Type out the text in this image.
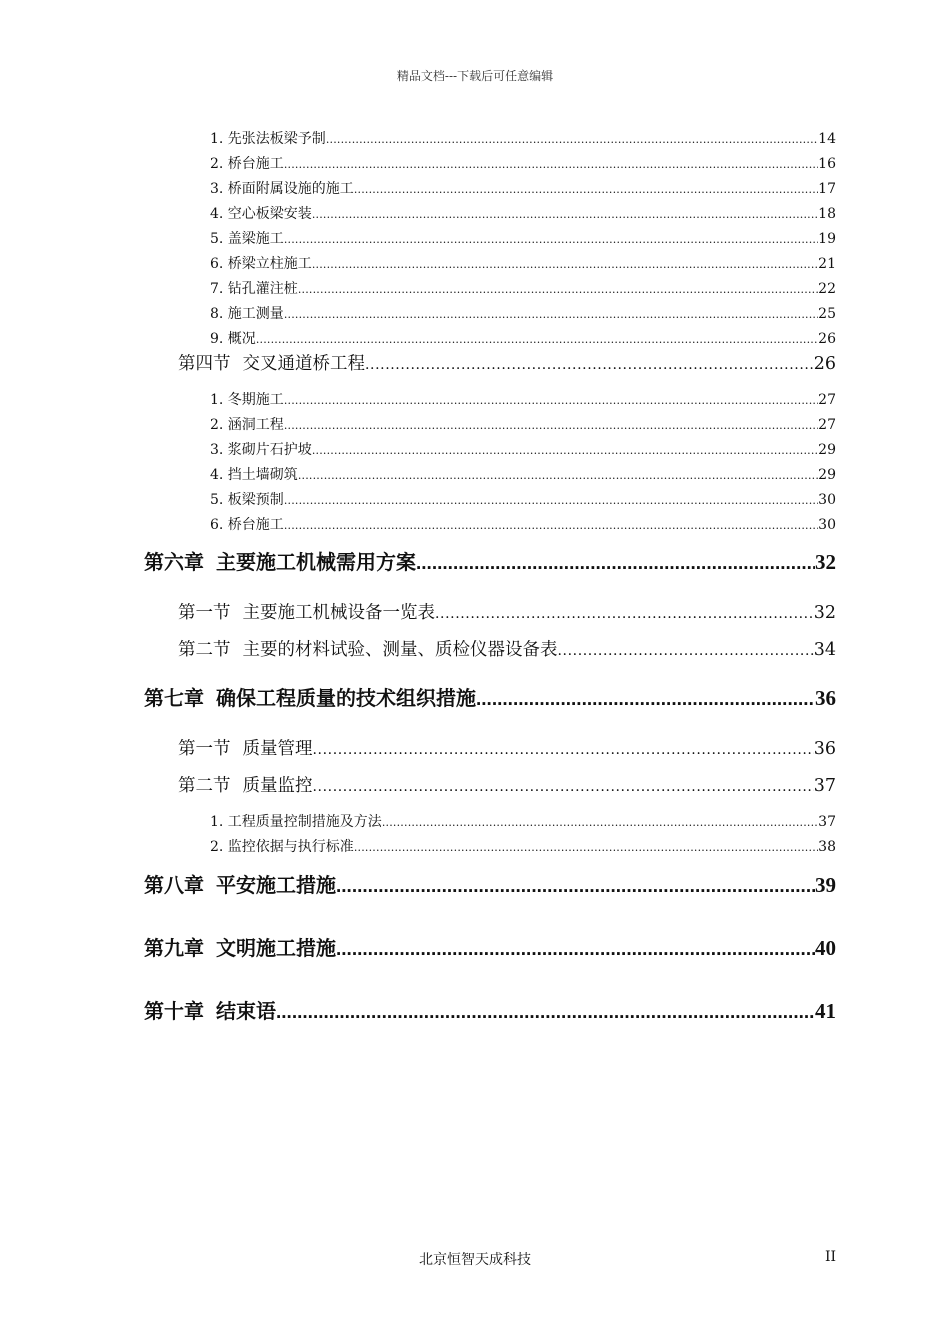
精品文档---下载后可任意编辑
1. 先张法板梁予制 .....	14
2. 桥台施工 .....	16
3. 桥面附属设施的施工 .....	17
4. 空心板梁安装 .....	18
5. 盖梁施工 .....	19
6. 桥梁立柱施工 .....	21
7. 钻孔灌注桩 .....	22
8. 施工测量 .....	25
9. 概况 .....	26
第四节 交叉通道桥工程 .....	26
1. 冬期施工 .....	27
2. 涵洞工程 .....	27
3. 浆砌片石护坡 .....	29
4. 挡土墙砌筑 .....	29
5. 板梁预制 .....	30
6. 桥台施工 .....	30
第六章 主要施工机械需用方案 .....	32
第一节 主要施工机械设备一览表 .....	32
第二节 主要的材料试验、测量、质检仪器设备表 .....	34
第七章 确保工程质量的技术组织措施 .....	36
第一节 质量管理 .....	36
第二节 质量监控 .....	37
1. 工程质量控制措施及方法 .....	37
2. 监控依据与执行标准 .....	38
第八章 平安施工措施 .....	39
第九章 文明施工措施 .....	40
第十章 结束语 .....	41
北京恒智天成科技	II
